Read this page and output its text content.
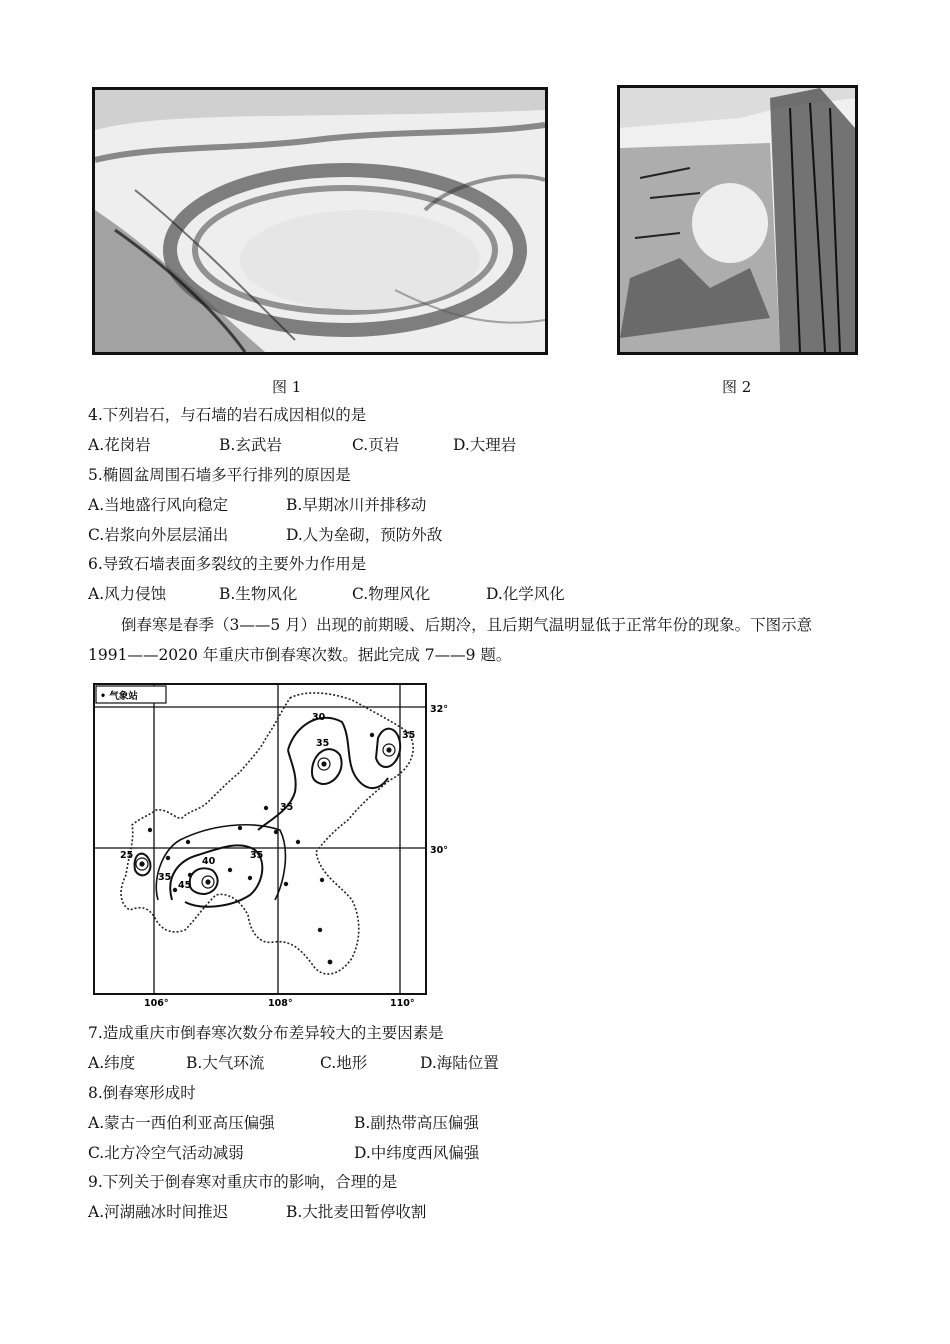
图 1	图 2
4.下列岩石，与石墙的岩石成因相似的是
A.花岗岩	B.玄武岩	C.页岩	D.大理岩
5.椭圆盆周围石墙多平行排列的原因是
A.当地盛行风向稳定	B.早期冰川并排移动
C.岩浆向外层层涌出	D.人为垒砌，预防外敌
6.导致石墙表面多裂纹的主要外力作用是
A.风力侵蚀	B.生物风化	C.物理风化	D.化学风化
倒春寒是春季（3——5 月）出现的前期暖、后期冷，且后期气温明显低于正常年份的现象。下图示意
1991——2020 年重庆市倒春寒次数。据此完成 7——9 题。
30
35
35
35
40
45
35
25
35
• 气象站
32°
30°
106°	108°	110°
7.造成重庆市倒春寒次数分布差异较大的主要因素是
A.纬度	B.大气环流	C.地形	D.海陆位置
8.倒春寒形成时
A.蒙古一西伯利亚高压偏强	B.副热带高压偏强
C.北方冷空气活动减弱	D.中纬度西风偏强
9.下列关于倒春寒对重庆市的影响，合理的是
A.河湖融冰时间推迟	B.大批麦田暂停收割
